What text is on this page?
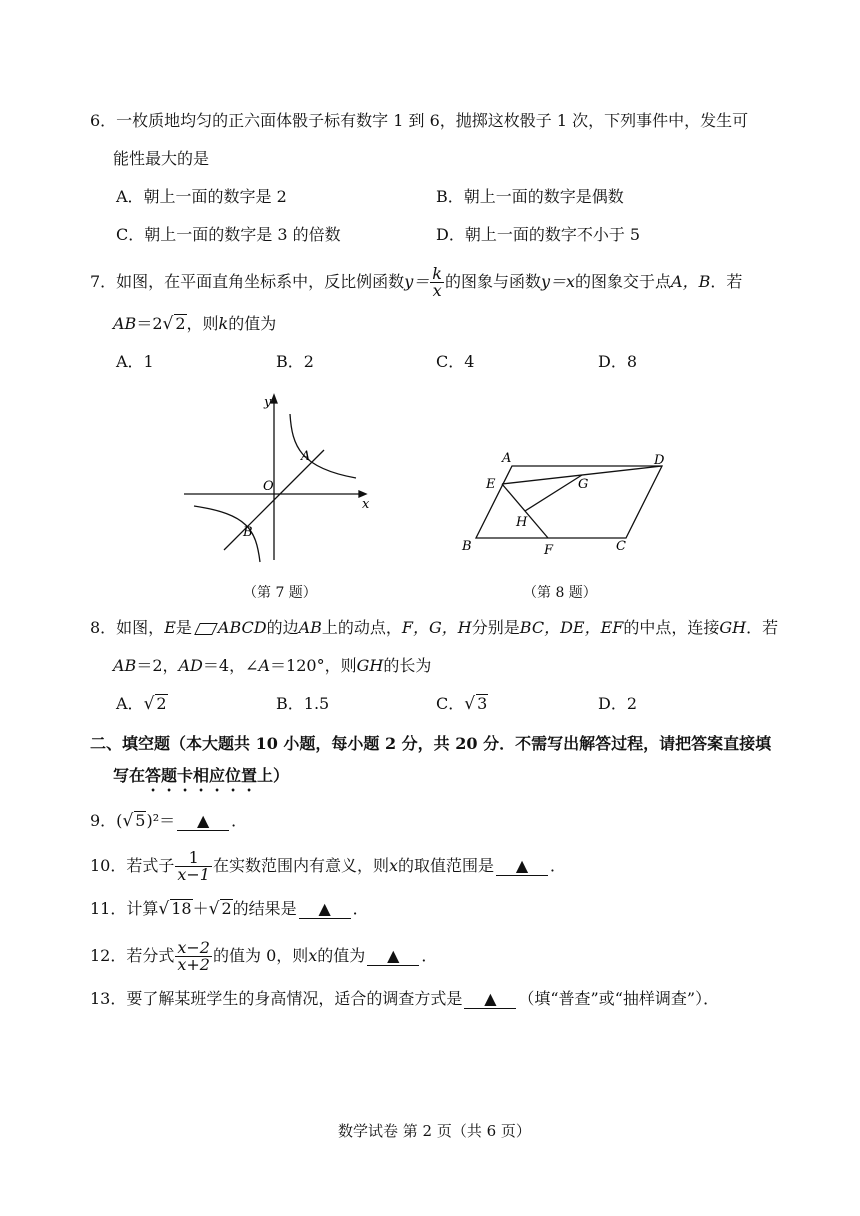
6．一枚质地均匀的正六面体骰子标有数字 1 到 6，抛掷这枚骰子 1 次，下列事件中，发生可
能性最大的是
A．朝上一面的数字是 2	B．朝上一面的数字是偶数
C．朝上一面的数字是 3 的倍数	D．朝上一面的数字不小于 5
7．如图，在平面直角坐标系中，反比例函数$y= \frac{k}{x}$ 的图象与函数y＝x的图象交于点A，B．若
AB＝2√ 2，则k的值为
A．1	B．2	C．4	D．8
y
x
O
A
B
（第 7 题）
A	D
E	G
H
B	F	C
（第 8 题）
8．如图，E是 ABCD的边AB上的动点，F，G，H分别是BC，DE，EF的中点，连接GH．若
AB＝2，AD＝4，∠A＝120°，则GH的长为
A．√ 2	B．1.5	C．√ 3	D．2
二、填空题（本大题共 10 小题，每小题 2 分，共 20 分．不需写出解答过程，请把答案直接填
写在答题卡相应位置上）
9．(√ 5)²＝ ▲ ．
10．若式子 $\frac{1}{x-1}$ 在实数范围内有意义，则x的取值范围是 ▲ ．
11．计算√ 18＋√ 2的结果是 ▲ ．
12．若分式 $\frac{x-2}{x+2}$ 的值为 0，则x的值为 ▲ ．
13．要了解某班学生的身高情况，适合的调查方式是 ▲ （填“普查”或“抽样调查”）．
数学试卷 第 2 页（共 6 页）
